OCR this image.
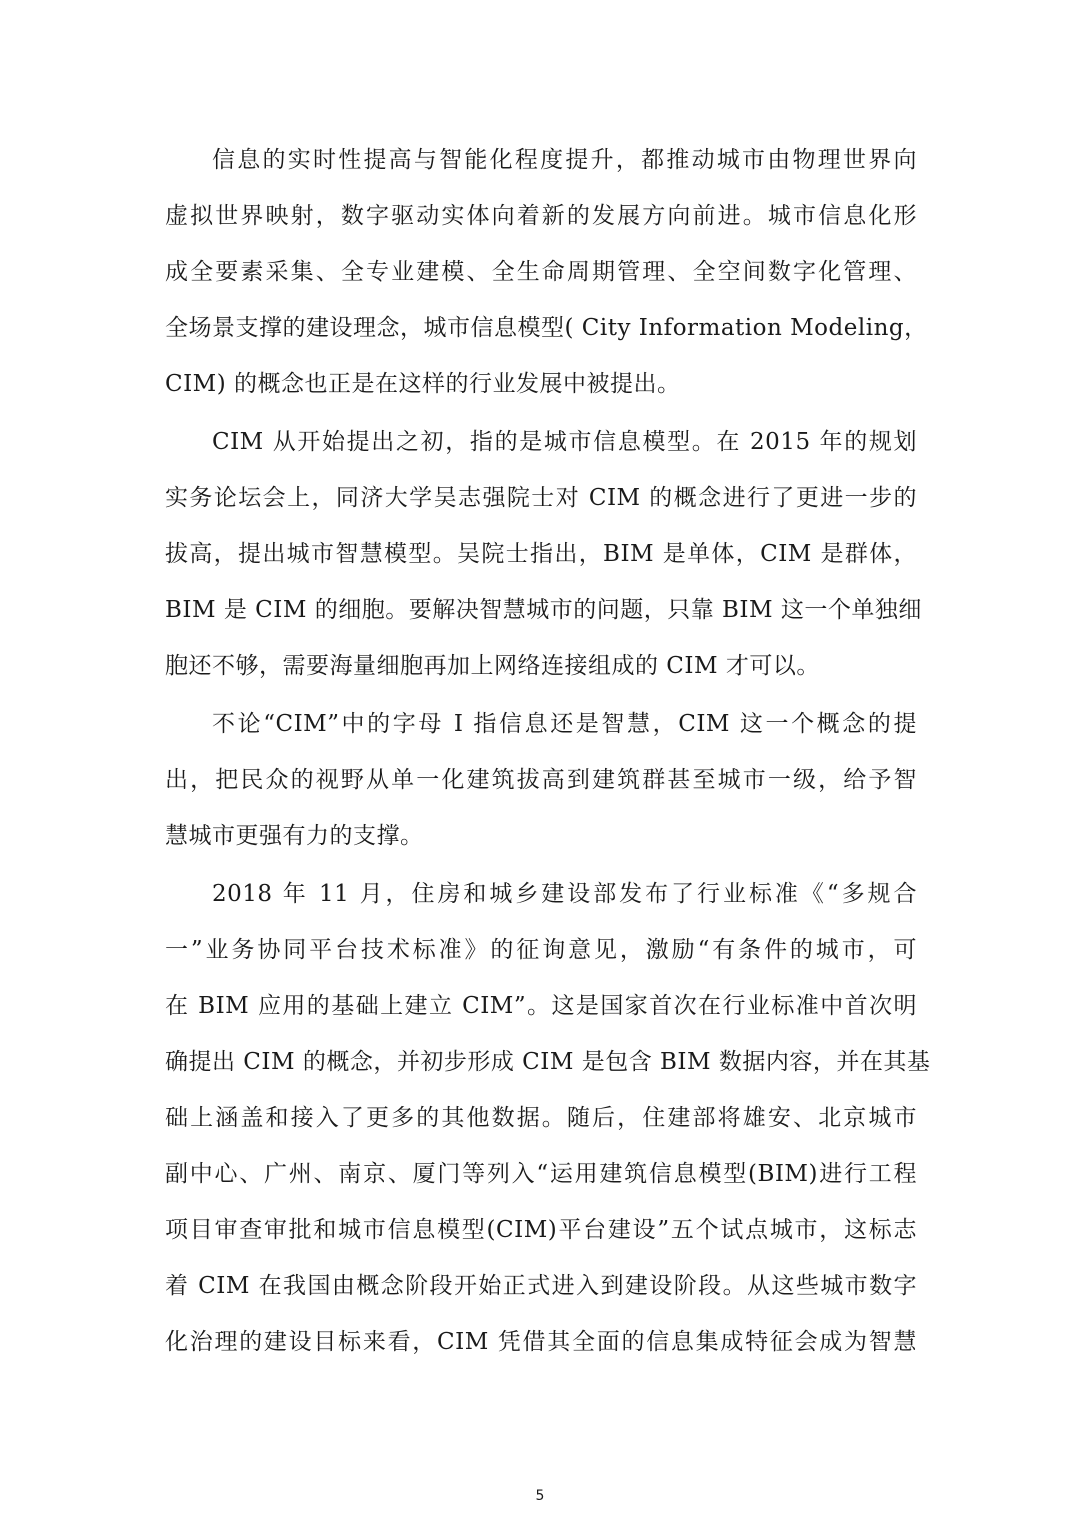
信息的实时性提高与智能化程度提升，都推动城市由物理世界向
虚拟世界映射，数字驱动实体向着新的发展方向前进。城市信息化形
成全要素采集、全专业建模、全生命周期管理、全空间数字化管理、
全场景支撑的建设理念，城市信息模型( City Information Modeling，
CIM) 的概念也正是在这样的行业发展中被提出。
CIM 从开始提出之初，指的是城市信息模型。在 2015 年的规划
实务论坛会上，同济大学吴志强院士对 CIM 的概念进行了更进一步的
拔高，提出城市智慧模型。吴院士指出，BIM 是单体，CIM 是群体，
BIM 是 CIM 的细胞。要解决智慧城市的问题，只靠 BIM 这一个单独细
胞还不够，需要海量细胞再加上网络连接组成的 CIM 才可以。
不论“CIM”中的字母 I 指信息还是智慧，CIM 这一个概念的提
出，把民众的视野从单一化建筑拔高到建筑群甚至城市一级，给予智
慧城市更强有力的支撑。
2018 年 11 月，住房和城乡建设部发布了行业标准《“多规合
一”业务协同平台技术标准》的征询意见，激励“有条件的城市，可
在 BIM 应用的基础上建立 CIM”。这是国家首次在行业标准中首次明
确提出 CIM 的概念，并初步形成 CIM 是包含 BIM 数据内容，并在其基
础上涵盖和接入了更多的其他数据。随后，住建部将雄安、北京城市
副中心、广州、南京、厦门等列入“运用建筑信息模型(BIM)进行工程
项目审查审批和城市信息模型(CIM)平台建设”五个试点城市，这标志
着 CIM 在我国由概念阶段开始正式进入到建设阶段。从这些城市数字
化治理的建设目标来看，CIM 凭借其全面的信息集成特征会成为智慧
5
